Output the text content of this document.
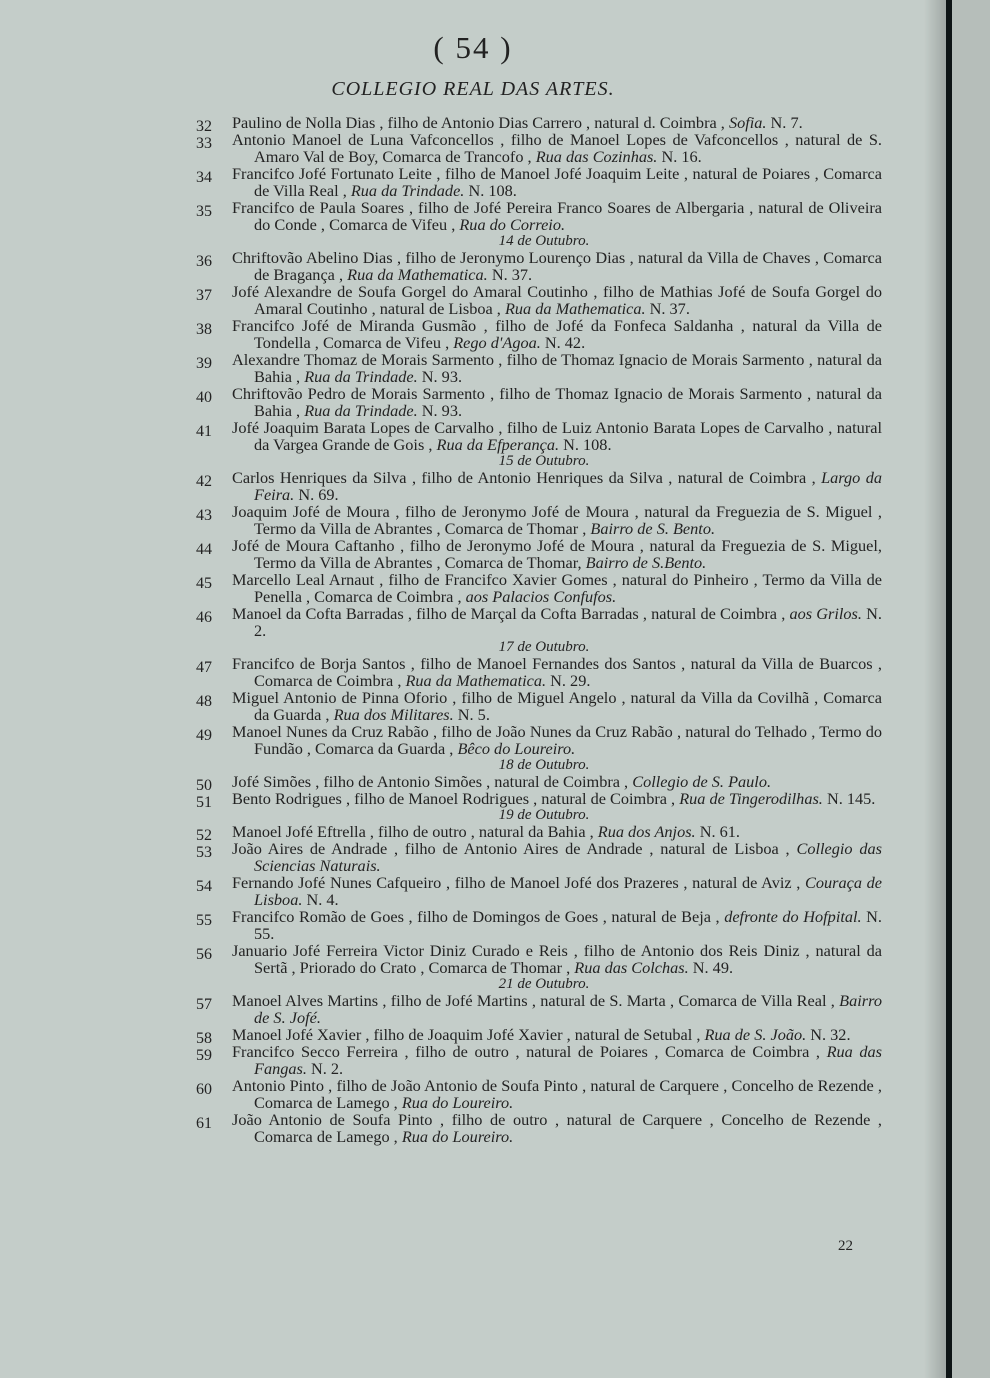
( 54 )
COLLEGIO REAL DAS ARTES.
32	Paulino de Nolla Dias , filho de Antonio Dias Carrero , natural d. Coimbra , Sofia. N. 7.
33	Antonio Manoel de Luna Vafconcellos , filho de Manoel Lopes de Vafconcellos , natural de S. Amaro Val de Boy, Comarca de Trancofo , Rua das Cozinhas. N. 16.
34	Francifco Jofé Fortunato Leite , filho de Manoel Jofé Joaquim Leite , natural de Poiares , Comarca de Villa Real , Rua da Trindade. N. 108.
35	Francifco de Paula Soares , filho de Jofé Pereira Franco Soares de Albergaria , natural de Oliveira do Conde , Comarca de Vifeu , Rua do Correio.
14 de Outubro.
36	Chriftovão Abelino Dias , filho de Jeronymo Lourenço Dias , natural da Villa de Chaves , Comarca de Bragança , Rua da Mathematica. N. 37.
37	Jofé Alexandre de Soufa Gorgel do Amaral Coutinho , filho de Mathias Jofé de Soufa Gorgel do Amaral Coutinho , natural de Lisboa , Rua da Mathematica. N. 37.
38	Francifco Jofé de Miranda Gusmão , filho de Jofé da Fonfeca Saldanha , natural da Villa de Tondella , Comarca de Vifeu , Rego d'Agoa. N. 42.
39	Alexandre Thomaz de Morais Sarmento , filho de Thomaz Ignacio de Morais Sarmento , natural da Bahia , Rua da Trindade. N. 93.
40	Chriftovão Pedro de Morais Sarmento , filho de Thomaz Ignacio de Morais Sarmento , natural da Bahia , Rua da Trindade. N. 93.
41	Jofé Joaquim Barata Lopes de Carvalho , filho de Luiz Antonio Barata Lopes de Carvalho , natural da Vargea Grande de Gois , Rua da Efperança. N. 108.
15 de Outubro.
42	Carlos Henriques da Silva , filho de Antonio Henriques da Silva , natural de Coimbra , Largo da Feira. N. 69.
43	Joaquim Jofé de Moura , filho de Jeronymo Jofé de Moura , natural da Freguezia de S. Miguel , Termo da Villa de Abrantes , Comarca de Thomar , Bairro de S. Bento.
44	Jofé de Moura Caftanho , filho de Jeronymo Jofé de Moura , natural da Freguezia de S. Miguel, Termo da Villa de Abrantes , Comarca de Thomar, Bairro de S.Bento.
45	Marcello Leal Arnaut , filho de Francifco Xavier Gomes , natural do Pinheiro , Termo da Villa de Penella , Comarca de Coimbra , aos Palacios Confufos.
46	Manoel da Cofta Barradas , filho de Marçal da Cofta Barradas , natural de Coimbra , aos Grilos. N. 2.
17 de Outubro.
47	Francifco de Borja Santos , filho de Manoel Fernandes dos Santos , natural da Villa de Buarcos , Comarca de Coimbra , Rua da Mathematica. N. 29.
48	Miguel Antonio de Pinna Oforio , filho de Miguel Angelo , natural da Villa da Covilhã , Comarca da Guarda , Rua dos Militares. N. 5.
49	Manoel Nunes da Cruz Rabão , filho de João Nunes da Cruz Rabão , natural do Telhado , Termo do Fundão , Comarca da Guarda , Bêco do Loureiro.
18 de Outubro.
50	Jofé Simões , filho de Antonio Simões , natural de Coimbra , Collegio de S. Paulo.
51	Bento Rodrigues , filho de Manoel Rodrigues , natural de Coimbra , Rua de Tingerodilhas. N. 145.
19 de Outubro.
52	Manoel Jofé Eftrella , filho de outro , natural da Bahia , Rua dos Anjos. N. 61.
53	João Aires de Andrade , filho de Antonio Aires de Andrade , natural de Lisboa , Collegio das Sciencias Naturais.
54	Fernando Jofé Nunes Cafqueiro , filho de Manoel Jofé dos Prazeres , natural de Aviz , Couraça de Lisboa. N. 4.
55	Francifco Romão de Goes , filho de Domingos de Goes , natural de Beja , defronte do Hofpital. N. 55.
56	Januario Jofé Ferreira Victor Diniz Curado e Reis , filho de Antonio dos Reis Diniz , natural da Sertã , Priorado do Crato , Comarca de Thomar , Rua das Colchas. N. 49.
21 de Outubro.
57	Manoel Alves Martins , filho de Jofé Martins , natural de S. Marta , Comarca de Villa Real , Bairro de S. Jofé.
58	Manoel Jofé Xavier , filho de Joaquim Jofé Xavier , natural de Setubal , Rua de S. João. N. 32.
59	Francifco Secco Ferreira , filho de outro , natural de Poiares , Comarca de Coimbra , Rua das Fangas. N. 2.
60	Antonio Pinto , filho de João Antonio de Soufa Pinto , natural de Carquere , Concelho de Rezende , Comarca de Lamego , Rua do Loureiro.
61	João Antonio de Soufa Pinto , filho de outro , natural de Carquere , Concelho de Rezende , Comarca de Lamego , Rua do Loureiro.
22
